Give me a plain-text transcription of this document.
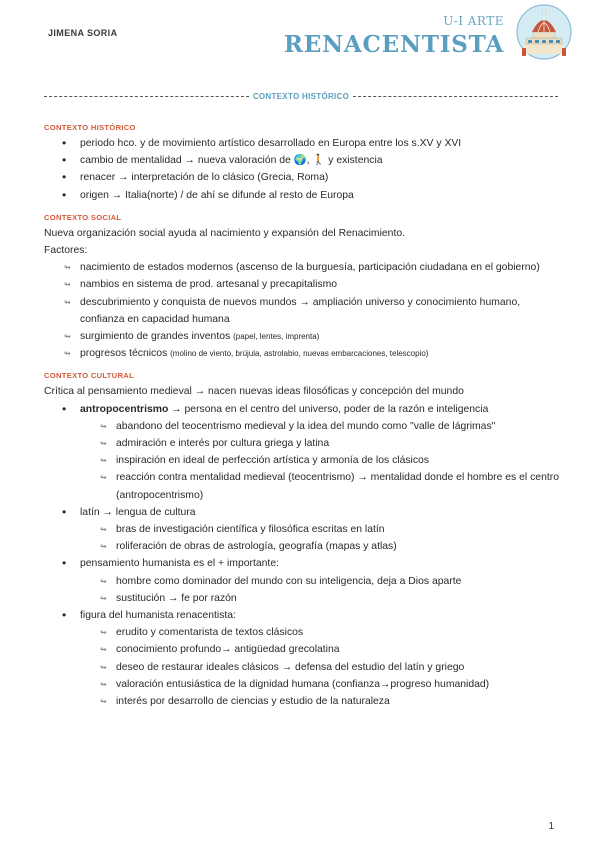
JIMENA SORIA
U-I ARTE
RENACENTISTA
CONTEXTO HISTÓRICO
CONTEXTO HISTÓRICO
• periodo hco. y de movimiento artístico desarrollado en Europa entre los s.XV y XVI
• cambio de mentalidad → nueva valoración de 🌍, 🚶 y existencia
• renacer → interpretación de lo clásico (Grecia, Roma)
• origen → Italia(norte) / de ahí se difunde al resto de Europa
CONTEXTO SOCIAL

Nueva organización social ayuda al nacimiento y expansión del Renacimiento.

Factores:

↬ nacimiento de estados modernos (ascenso de la burguesía, participación ciudadana en el gobierno)
↬ nambios en sistema de prod. artesanal y precapitalismo
↬ descubrimiento y conquista de nuevos mundos → ampliación universo y conocimiento humano, confianza en capacidad humana
↬ surgimiento de grandes inventos (papel, lentes, imprenta)
↬ progresos técnicos (molino de viento, brújula, astrolabio, nuevas embarcaciones, telescopio)
CONTEXTO CULTURAL

Crítica al pensamiento medieval → nacen nuevas ideas filosóficas y concepción del mundo

• antropocentrismo → persona en el centro del universo, poder de la razón e inteligencia
↬ abandono del teocentrismo medieval y la idea del mundo como "valle de lágrimas"
↬ admiración e interés por cultura griega y latina
↬ inspiración en ideal de perfección artística y armonía de los clásicos
↬ reacción contra mentalidad medieval (teocentrismo) → mentalidad donde el hombre es el centro (antropocentrismo)
• latín → lengua de cultura
↬ bras de investigación científica y filosófica escritas en latín
↬ roliferación de obras de astrología, geografía (mapas y atlas)
• pensamiento humanista es el + importante:
↬ hombre como dominador del mundo con su inteligencia, deja a Dios aparte
↬ sustitución → fe por razón
• figura del humanista renacentista:
↬ erudito y comentarista de textos clásicos
↬ conocimiento profundo→ antigüedad grecolatina
↬ deseo de restaurar ideales clásicos → defensa del estudio del latín y griego
↬ valoración entusiástica de la dignidad humana (confianza→progreso humanidad)
↬ interés por desarrollo de ciencias y estudio de la naturaleza
1
